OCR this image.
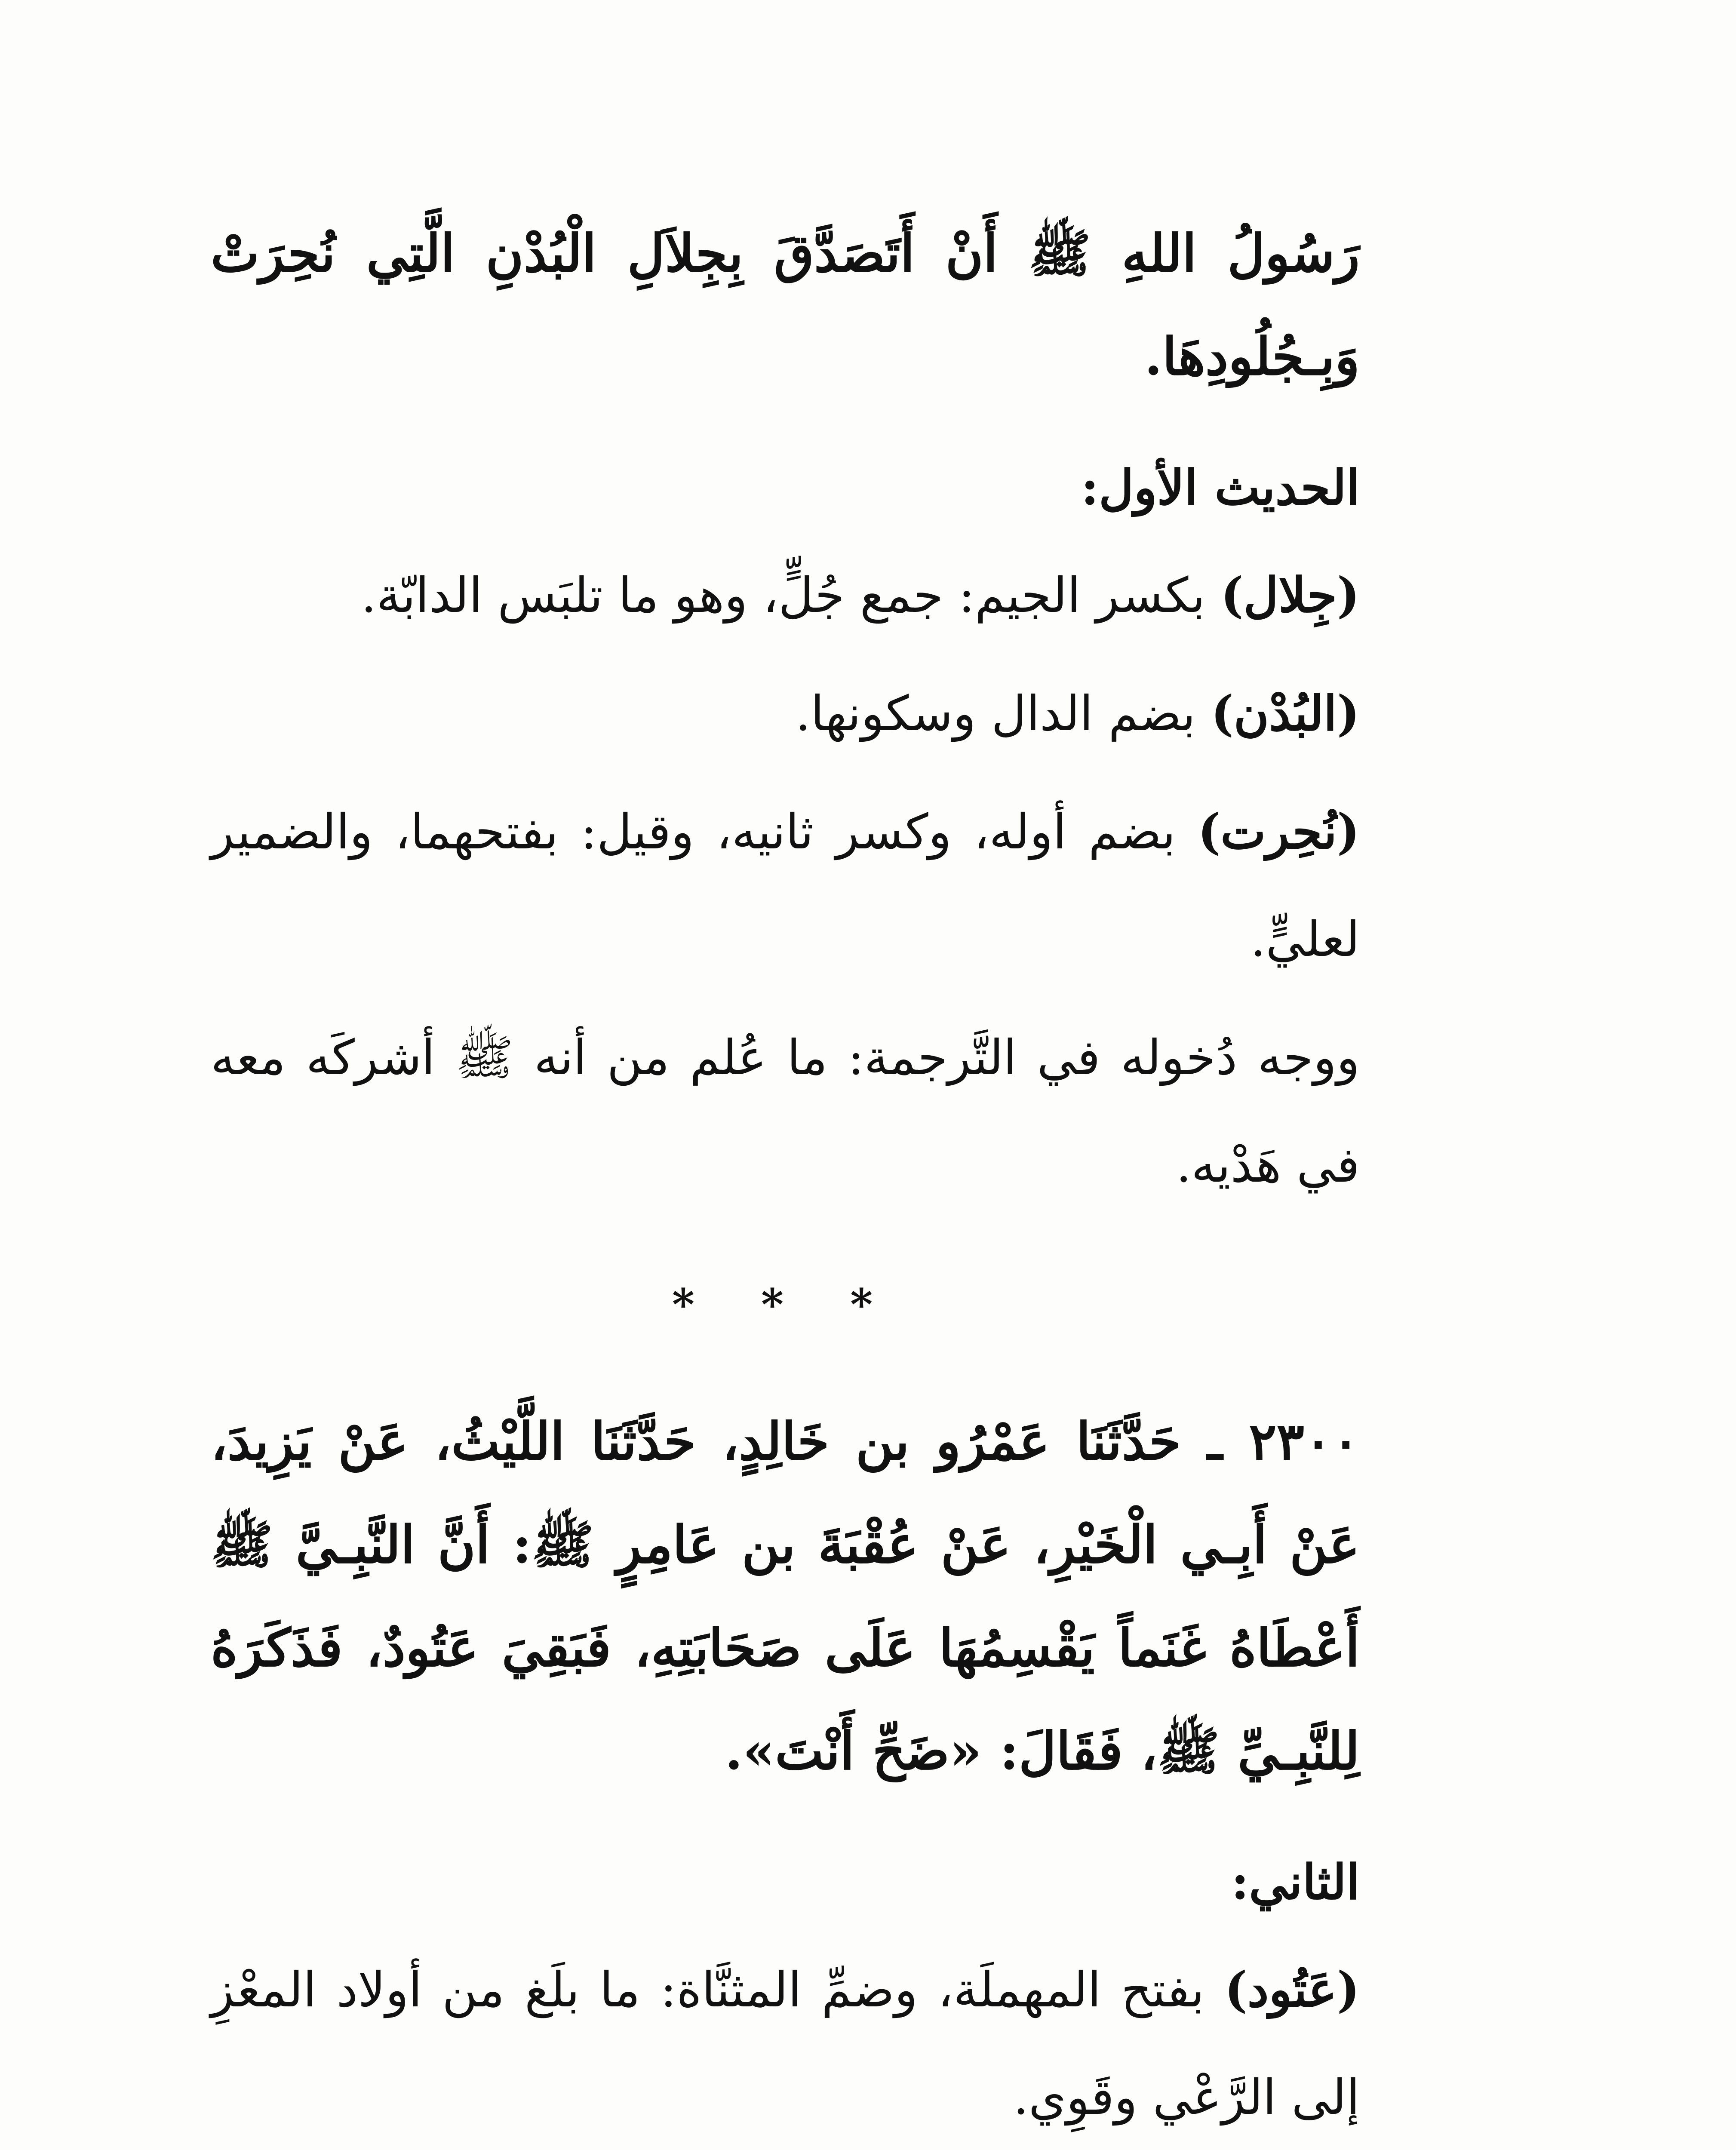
رَسُولُ اللهِ ﷺ أَنْ أَتَصَدَّقَ بِجِلاَلِ الْبُدْنِ الَّتِي نُحِرَتْ وَبِـجُلُودِهَا.

الحديث الأول:

(جِلال) بكسر الجيم: جمع جُلٍّ، وهو ما تلبَس الدابّة.

(البُدْن) بضم الدال وسكونها.

(نُحِرت) بضم أوله، وكسر ثانيه، وقيل: بفتحهما، والضمير لعليٍّ.

ووجه دُخوله في التَّرجمة: ما عُلم من أنه ﷺ أشركَه معه في هَدْيه.

* * *

٢٣٠٠ ـ حَدَّثَنَا عَمْرُو بن خَالِدٍ، حَدَّثَنَا اللَّيْثُ، عَنْ يَزِيدَ، عَنْ أَبِـي الْخَيْرِ، عَنْ عُقْبَةَ بن عَامِرٍ ﷺ: أَنَّ النَّبِـيَّ ﷺ أَعْطَاهُ غَنَماً يَقْسِمُهَا عَلَى صَحَابَتِهِ، فَبَقِيَ عَتُودٌ، فَذَكَرَهُ لِلنَّبِـيِّ ﷺ، فَقَالَ: «ضَحِّ أَنْتَ».

الثاني:

(عَتُود) بفتح المهملَة، وضمِّ المثنَّاة: ما بلَغ من أولاد المعْزِ إلى الرَّعْي وقَوِي.
